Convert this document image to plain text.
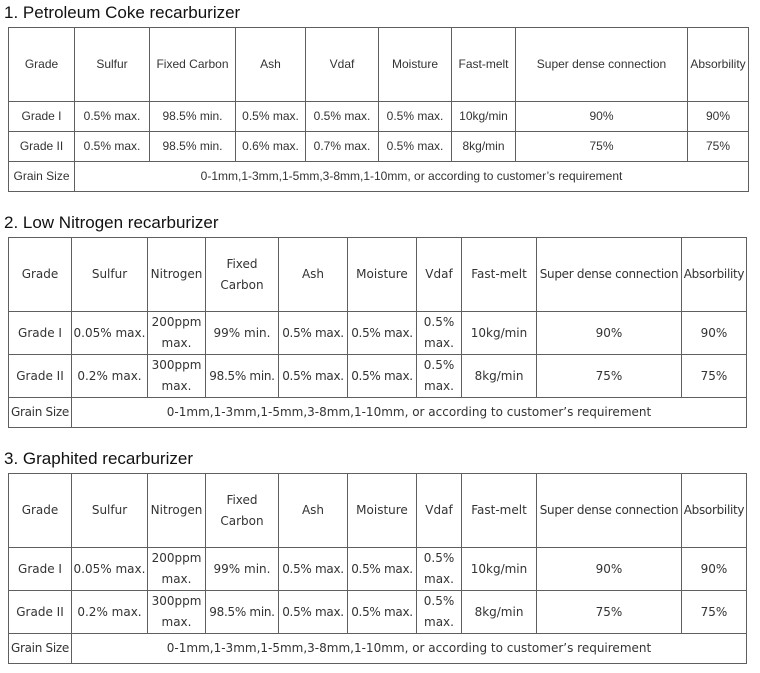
1. Petroleum Coke recarburizer
Grade	Sulfur	Fixed Carbon	Ash	Vdaf	Moisture	Fast-melt	Super dense connection	Absorbility
Grade I	0.5% max.	98.5% min.	0.5% max.	0.5% max.	0.5% max.	10kg/min	90%	90%
Grade II	0.5% max.	98.5% min.	0.6% max.	0.7% max.	0.5% max.	8kg/min	75%	75%
Grain Size	0-1mm,1-3mm,1-5mm,3-8mm,1-10mm, or according to customer’s requirement							
2. Low Nitrogen recarburizer
Grade	Sulfur	Nitrogen	Fixed Carbon	Ash	Moisture	Vdaf	Fast-melt	Super dense connection	Absorbility
Grade I	0.05% max.	200ppm max.	99% min.	0.5% max.	0.5% max.	0.5% max.	10kg/min	90%	90%
Grade II	0.2% max.	300ppm max.	98.5% min.	0.5% max.	0.5% max.	0.5% max.	8kg/min	75%	75%
Grain Size	0-1mm,1-3mm,1-5mm,3-8mm,1-10mm, or according to customer’s requirement								
3. Graphited recarburizer
Grade	Sulfur	Nitrogen	Fixed Carbon	Ash	Moisture	Vdaf	Fast-melt	Super dense connection	Absorbility
Grade I	0.05% max.	200ppm max.	99% min.	0.5% max.	0.5% max.	0.5% max.	10kg/min	90%	90%
Grade II	0.2% max.	300ppm max.	98.5% min.	0.5% max.	0.5% max.	0.5% max.	8kg/min	75%	75%
Grain Size	0-1mm,1-3mm,1-5mm,3-8mm,1-10mm, or according to customer’s requirement								
